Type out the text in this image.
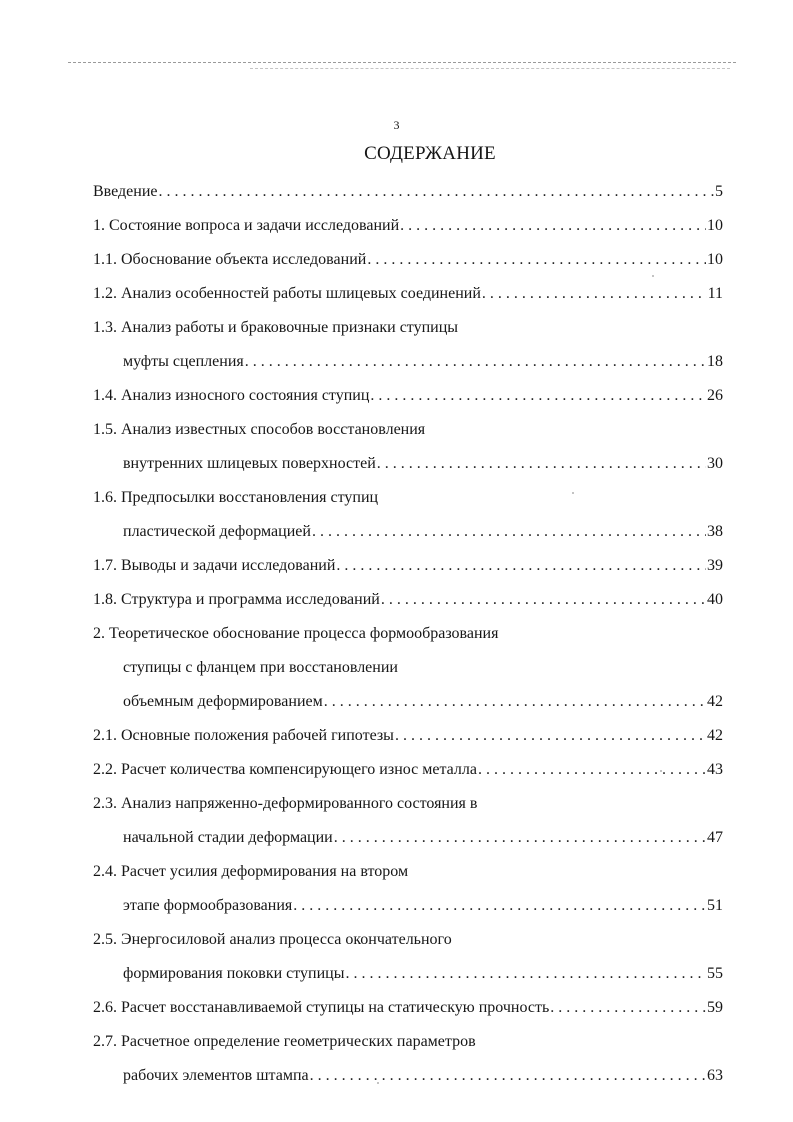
3
СОДЕРЖАНИЕ
Введение . . .	5
1. Состояние вопроса и задачи исследований . . .	10
1.1. Обоснование объекта исследований . . .	10
1.2. Анализ особенностей работы шлицевых соединений . . .	11
1.3. Анализ работы и браковочные признаки ступицы
муфты сцепления . . .	18
1.4. Анализ износного состояния ступиц . . .	26
1.5. Анализ известных способов восстановления
внутренних шлицевых поверхностей . . .	30
1.6. Предпосылки восстановления ступиц
пластической деформацией . . .	38
1.7. Выводы и задачи исследований . . .	39
1.8. Структура и программа исследований . . .	40
2. Теоретическое обоснование процесса формообразования
ступицы с фланцем при восстановлении
объемным деформированием . . .	42
2.1. Основные положения рабочей гипотезы . . .	42
2.2. Расчет количества компенсирующего износ металла . . .	43
2.3. Анализ напряженно-деформированного состояния в
начальной стадии деформации . . .	47
2.4. Расчет усилия деформирования на втором
этапе формообразования . . .	51
2.5. Энергосиловой анализ процесса окончательного
формирования поковки ступицы . . .	55
2.6. Расчет восстанавливаемой ступицы на статическую прочность . . .	59
2.7. Расчетное определение геометрических параметров
рабочих элементов штампа . . .	63
